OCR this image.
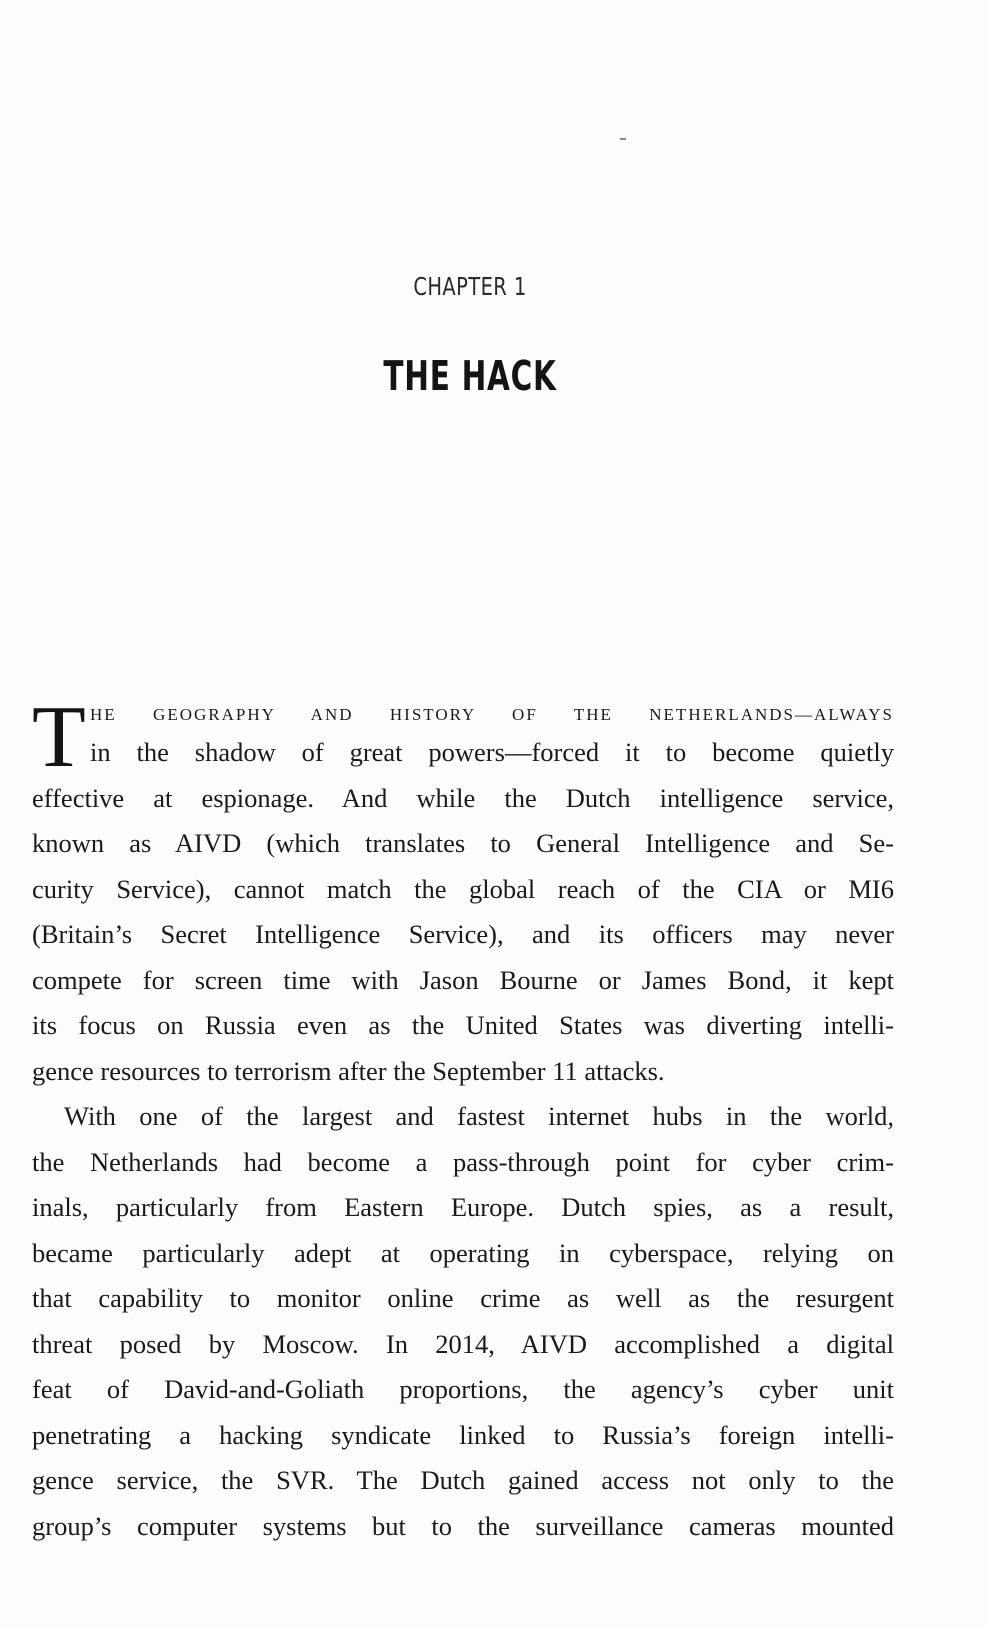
CHAPTER 1
THE HACK
T HE GEOGRAPHY AND HISTORY OF THE NETHERLANDS—ALWAYS
in the shadow of great powers—forced it to become quietly
effective at espionage. And while the Dutch intelligence service,
known as AIVD (which translates to General Intelligence and Se-
curity Service), cannot match the global reach of the CIA or MI6
(Britain’s Secret Intelligence Service), and its officers may never
compete for screen time with Jason Bourne or James Bond, it kept
its focus on Russia even as the United States was diverting intelli-
gence resources to terrorism after the September 11 attacks.
With one of the largest and fastest internet hubs in the world,
the Netherlands had become a pass-through point for cyber crim-
inals, particularly from Eastern Europe. Dutch spies, as a result,
became particularly adept at operating in cyberspace, relying on
that capability to monitor online crime as well as the resurgent
threat posed by Moscow. In 2014, AIVD accomplished a digital
feat of David-and-Goliath proportions, the agency’s cyber unit
penetrating a hacking syndicate linked to Russia’s foreign intelli-
gence service, the SVR. The Dutch gained access not only to the
group’s computer systems but to the surveillance cameras mounted
